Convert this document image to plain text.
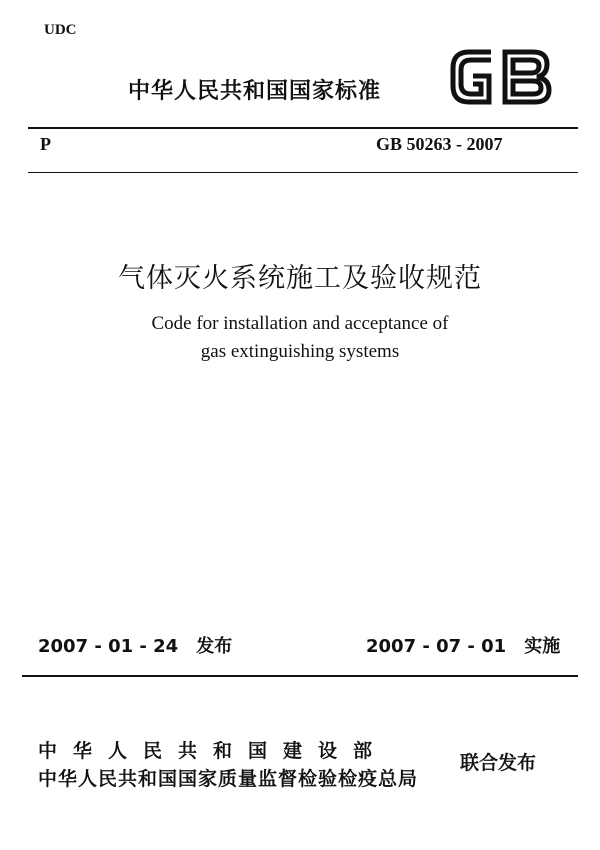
UDC
中华人民共和国国家标准
P	GB 50263 - 2007
气体灭火系统施工及验收规范
Code for installation and acceptance of
gas extinguishing systems
2007 - 01 - 24　发布	2007 - 07 - 01　实施
中华人民共和国建设部
中华人民共和国国家质量监督检验检疫总局
联合发布
